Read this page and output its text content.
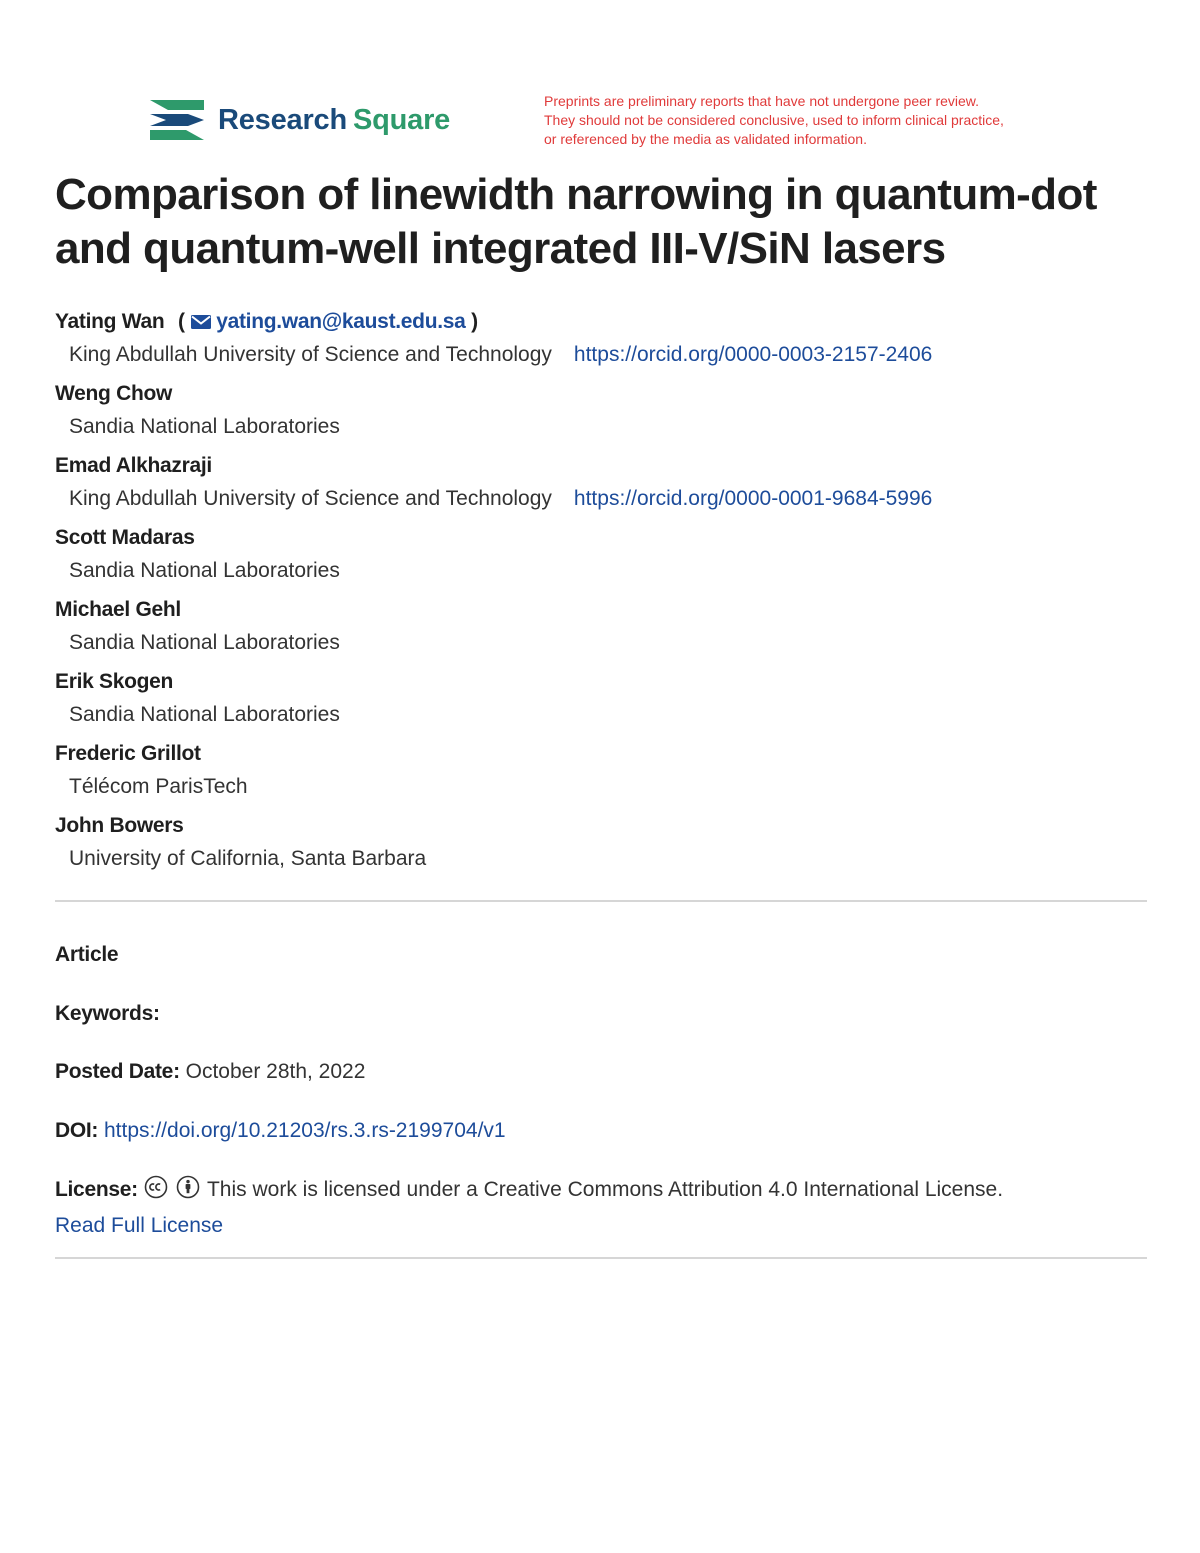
Research Square
Preprints are preliminary reports that have not undergone peer review.
They should not be considered conclusive, used to inform clinical practice,
or referenced by the media as validated information.
Comparison of linewidth narrowing in quantum-dot
and quantum-well integrated III-V/SiN lasers
Yating Wan ( yating.wan@kaust.edu.sa )
King Abdullah University of Science and Technology https://orcid.org/0000-0003-2157-2406
Weng Chow
Sandia National Laboratories
Emad Alkhazraji
King Abdullah University of Science and Technology https://orcid.org/0000-0001-9684-5996
Scott Madaras
Sandia National Laboratories
Michael Gehl
Sandia National Laboratories
Erik Skogen
Sandia National Laboratories
Frederic Grillot
Télécom ParisTech
John Bowers
University of California, Santa Barbara
Article
Keywords:
Posted Date: October 28th, 2022
DOI: https://doi.org/10.21203/rs.3.rs-2199704/v1
License:	This work is licensed under a Creative Commons Attribution 4.0 International License.
Read Full License
